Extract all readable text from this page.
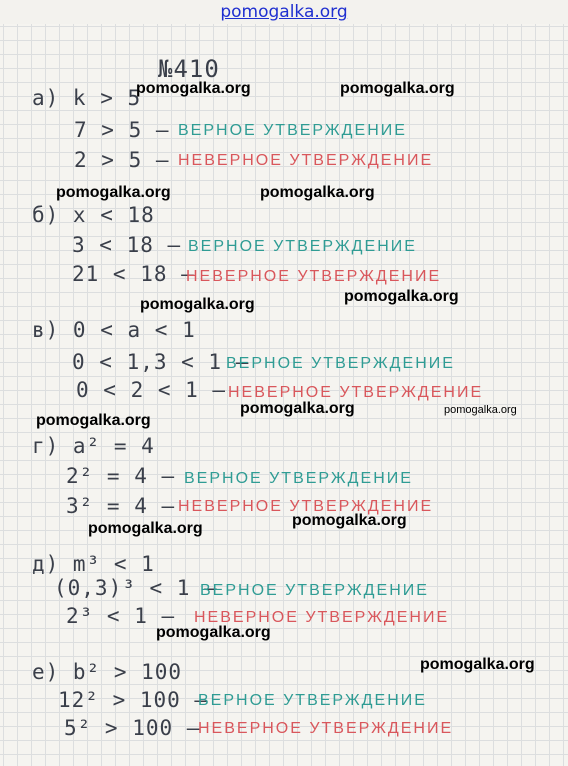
pomogalka.org
№410
а) k > 5
7 > 5 – ВЕРНОЕ УТВЕРЖДЕНИЕ
2 > 5 – НЕВЕРНОЕ УТВЕРЖДЕНИЕ
б) x < 18
3 < 18 – ВЕРНОЕ УТВЕРЖДЕНИЕ
21 < 18 –
НЕВЕРНОЕ УТВЕРЖДЕНИЕ
в) 0 < a < 1
0 < 1,3 < 1 –
ВЕРНОЕ УТВЕРЖДЕНИЕ
0 < 2 < 1 – НЕВЕРНОЕ УТВЕРЖДЕНИЕ
г) a² = 4
2² = 4 – ВЕРНОЕ УТВЕРЖДЕНИЕ
3² = 4 – НЕВЕРНОЕ УТВЕРЖДЕНИЕ
д) m³ < 1
(0,3)³ < 1 –
ВЕРНОЕ УТВЕРЖДЕНИЕ
2³ < 1 – НЕВЕРНОЕ УТВЕРЖДЕНИЕ
е) b² > 100
12² > 100 –
ВЕРНОЕ УТВЕРЖДЕНИЕ
5² > 100 –
НЕВЕРНОЕ УТВЕРЖДЕНИЕ
pomogalka.org	pomogalka.org
pomogalka.org	pomogalka.org
pomogalka.org	pomogalka.org
pomogalka.org	pomogalka.org
pomogalka.org
pomogalka.org
pomogalka.org
pomogalka.org
pomogalka.org
